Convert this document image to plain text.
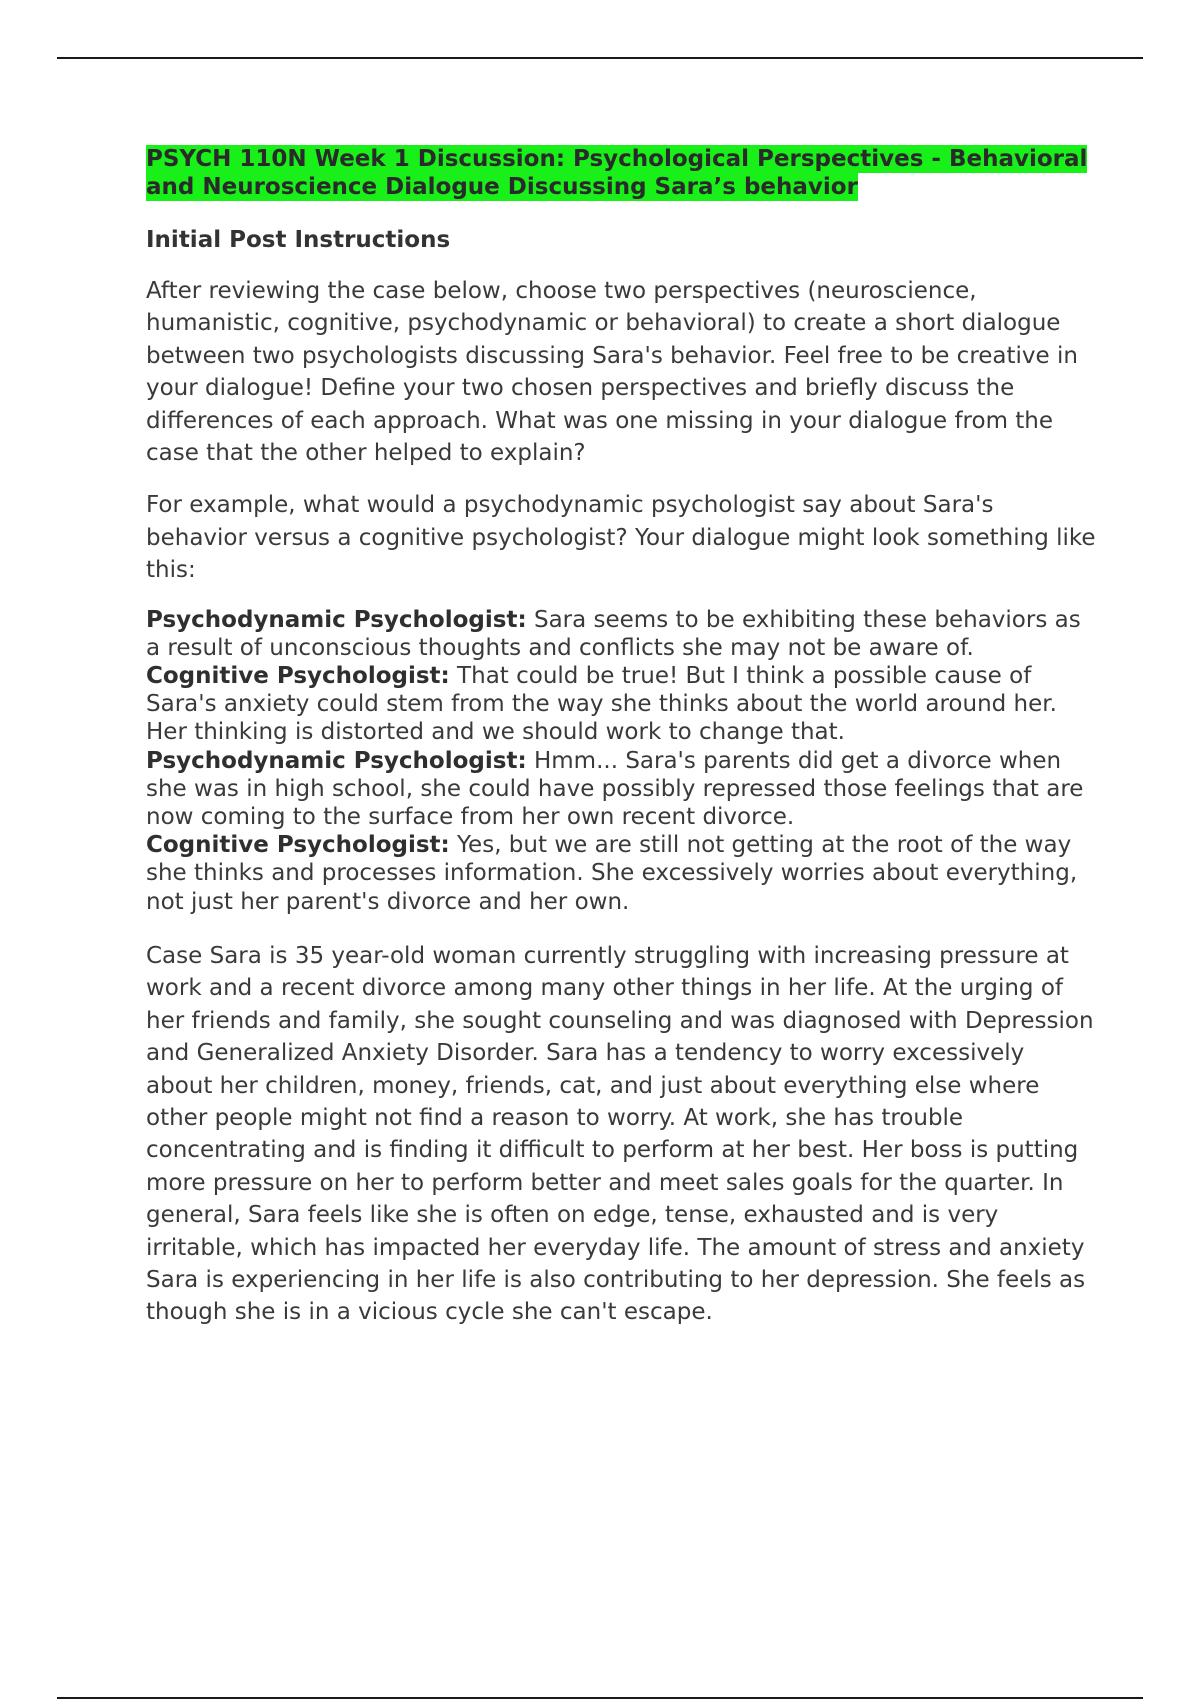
PSYCH 110N Week 1 Discussion: Psychological Perspectives - Behavioral and Neuroscience Dialogue Discussing Sara’s behavior
Initial Post Instructions

After reviewing the case below, choose two perspectives (neuroscience, humanistic, cognitive, psychodynamic or behavioral) to create a short dialogue between two psychologists discussing Sara's behavior. Feel free to be creative in your dialogue! Define your two chosen perspectives and briefly discuss the differences of each approach. What was one missing in your dialogue from the case that the other helped to explain?

For example, what would a psychodynamic psychologist say about Sara's behavior versus a cognitive psychologist? Your dialogue might look something like this:

Psychodynamic Psychologist: Sara seems to be exhibiting these behaviors as a result of unconscious thoughts and conflicts she may not be aware of.
Cognitive Psychologist: That could be true! But I think a possible cause of Sara's anxiety could stem from the way she thinks about the world around her. Her thinking is distorted and we should work to change that.
Psychodynamic Psychologist: Hmm... Sara's parents did get a divorce when she was in high school, she could have possibly repressed those feelings that are now coming to the surface from her own recent divorce.
Cognitive Psychologist: Yes, but we are still not getting at the root of the way she thinks and processes information. She excessively worries about everything, not just her parent's divorce and her own.

Case Sara is 35 year-old woman currently struggling with increasing pressure at work and a recent divorce among many other things in her life. At the urging of her friends and family, she sought counseling and was diagnosed with Depression and Generalized Anxiety Disorder. Sara has a tendency to worry excessively about her children, money, friends, cat, and just about everything else where other people might not find a reason to worry. At work, she has trouble concentrating and is finding it difficult to perform at her best. Her boss is putting more pressure on her to perform better and meet sales goals for the quarter. In general, Sara feels like she is often on edge, tense, exhausted and is very irritable, which has impacted her everyday life. The amount of stress and anxiety Sara is experiencing in her life is also contributing to her depression. She feels as though she is in a vicious cycle she can't escape.
